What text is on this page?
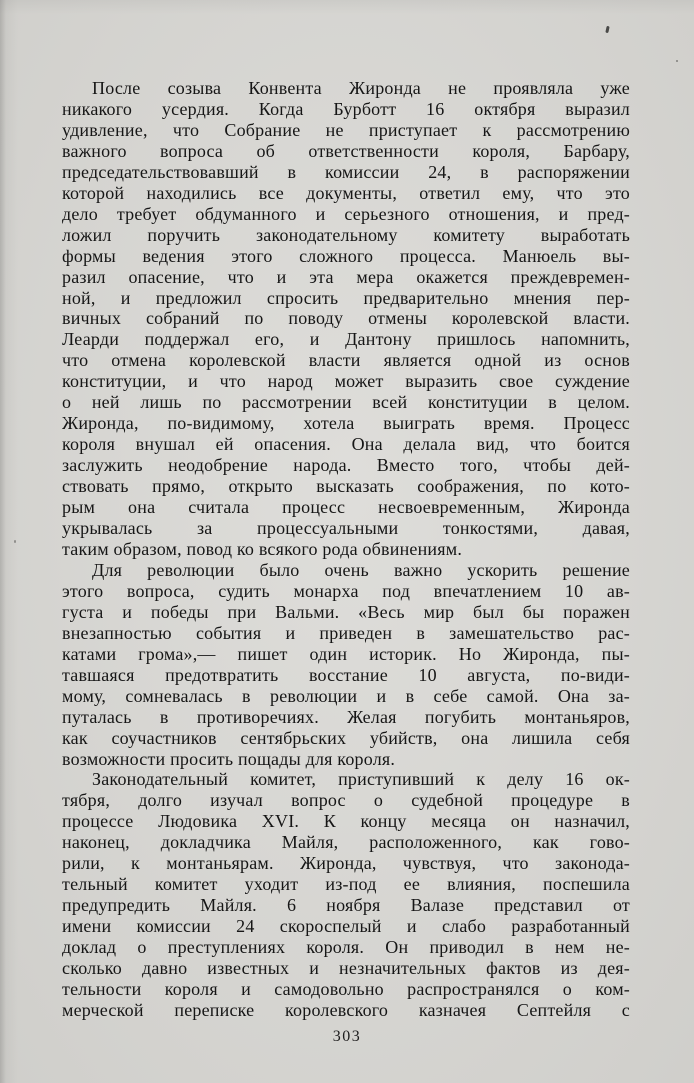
После созыва Конвента Жиронда не проявляла уже
никакого усердия. Когда Бурботт 16 октября выразил
удивление, что Собрание не приступает к рассмотрению
важного вопроса об ответственности короля, Барбару,
председательствовавший в комиссии 24, в распоряжении
которой находились все документы, ответил ему, что это
дело требует обдуманного и серьезного отношения, и пред-
ложил поручить законодательному комитету выработать
формы ведения этого сложного процесса. Манюель вы-
разил опасение, что и эта мера окажется преждевремен-
ной, и предложил спросить предварительно мнения пер-
вичных собраний по поводу отмены королевской власти.
Леарди поддержал его, и Дантону пришлось напомнить,
что отмена королевской власти является одной из основ
конституции, и что народ может выразить свое суждение
о ней лишь по рассмотрении всей конституции в целом.
Жиронда, по-видимому, хотела выиграть время. Процесс
короля внушал ей опасения. Она делала вид, что боится
заслужить неодобрение народа. Вместо того, чтобы дей-
ствовать прямо, открыто высказать соображения, по кото-
рым она считала процесс несвоевременным, Жиронда
укрывалась за процессуальными тонкостями, давая,
таким образом, повод ко всякого рода обвинениям.
Для революции было очень важно ускорить решение
этого вопроса, судить монарха под впечатлением 10 ав-
густа и победы при Вальми. «Весь мир был бы поражен
внезапностью события и приведен в замешательство рас-
катами грома»,— пишет один историк. Но Жиронда, пы-
тавшаяся предотвратить восстание 10 августа, по-види-
мому, сомневалась в революции и в себе самой. Она за-
путалась в противоречиях. Желая погубить монтаньяров,
как соучастников сентябрьских убийств, она лишила себя
возможности просить пощады для короля.
Законодательный комитет, приступивший к делу 16 ок-
тября, долго изучал вопрос о судебной процедуре в
процессе Людовика XVI. К концу месяца он назначил,
наконец, докладчика Майля, расположенного, как гово-
рили, к монтаньярам. Жиронда, чувствуя, что законода-
тельный комитет уходит из-под ее влияния, поспешила
предупредить Майля. 6 ноября Валазе представил от
имени комиссии 24 скороспелый и слабо разработанный
доклад о преступлениях короля. Он приводил в нем не-
сколько давно известных и незначительных фактов из дея-
тельности короля и самодовольно распространялся о ком-
мерческой переписке королевского казначея Септейля с
303
